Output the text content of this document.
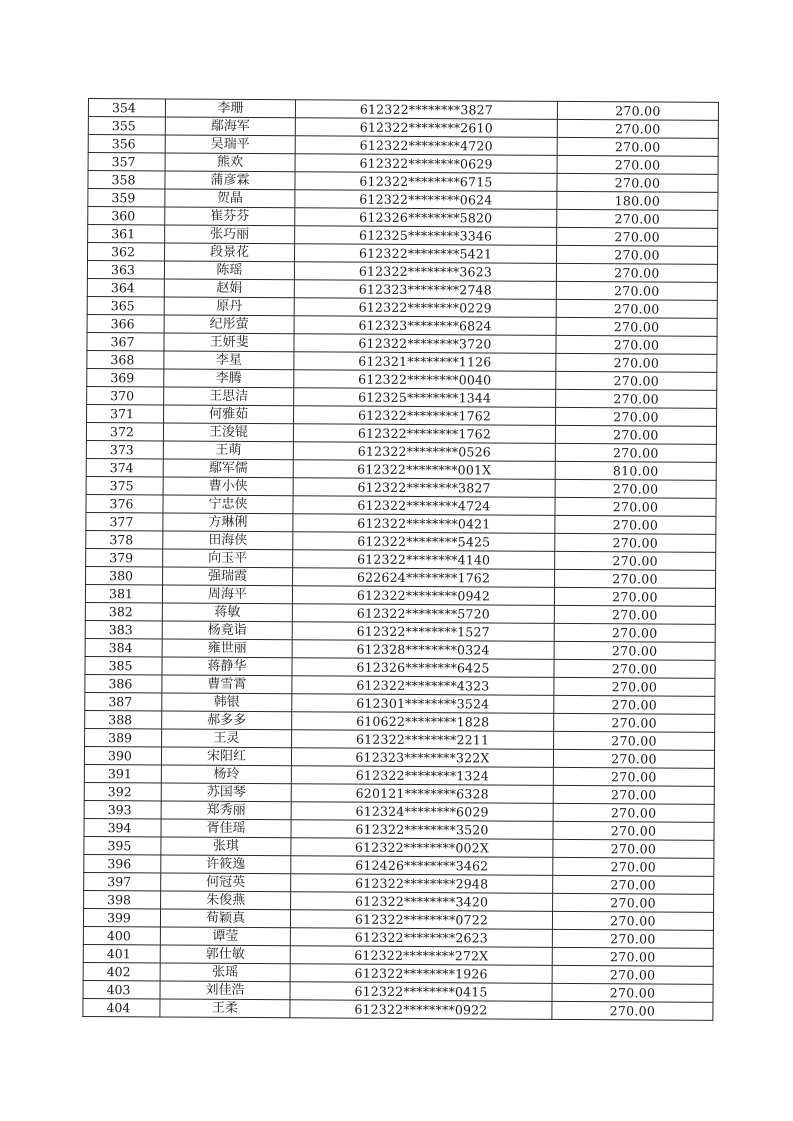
354	李珊	612322********3827	270.00
355	鄢海军	612322********2610	270.00
356	吴瑞平	612322********4720	270.00
357	熊欢	612322********0629	270.00
358	蒲彦霖	612322********6715	270.00
359	贺晶	612322********0624	180.00
360	崔芬芬	612326********5820	270.00
361	张巧丽	612325********3346	270.00
362	段景花	612322********5421	270.00
363	陈瑶	612322********3623	270.00
364	赵娟	612323********2748	270.00
365	原丹	612322********0229	270.00
366	纪彤萤	612323********6824	270.00
367	王妍斐	612322********3720	270.00
368	李星	612321********1126	270.00
369	李腾	612322********0040	270.00
370	王思洁	612325********1344	270.00
371	何雅茹	612322********1762	270.00
372	王浚锟	612322********1762	270.00
373	王萌	612322********0526	270.00
374	鄢军儒	612322********001X	810.00
375	曹小侠	612322********3827	270.00
376	宁忠侠	612322********4724	270.00
377	方琳俐	612322********0421	270.00
378	田海侠	612322********5425	270.00
379	向玉平	612322********4140	270.00
380	强瑞霞	622624********1762	270.00
381	周海平	612322********0942	270.00
382	蒋敏	612322********5720	270.00
383	杨竟诣	612322********1527	270.00
384	雍世丽	612328********0324	270.00
385	蒋静华	612326********6425	270.00
386	曹雪霄	612322********4323	270.00
387	韩银	612301********3524	270.00
388	郝多多	610622********1828	270.00
389	王灵	612322********2211	270.00
390	宋阳红	612323********322X	270.00
391	杨玲	612322********1324	270.00
392	苏国琴	620121********6328	270.00
393	郑秀丽	612324********6029	270.00
394	胥佳瑶	612322********3520	270.00
395	张琪	612322********002X	270.00
396	许筱逸	612426********3462	270.00
397	何冠英	612322********2948	270.00
398	朱俊燕	612322********3420	270.00
399	荀颖真	612322********0722	270.00
400	谭莹	612322********2623	270.00
401	郭仕敏	612322********272X	270.00
402	张瑶	612322********1926	270.00
403	刘佳浩	612322********0415	270.00
404	王柔	612322********0922	270.00
